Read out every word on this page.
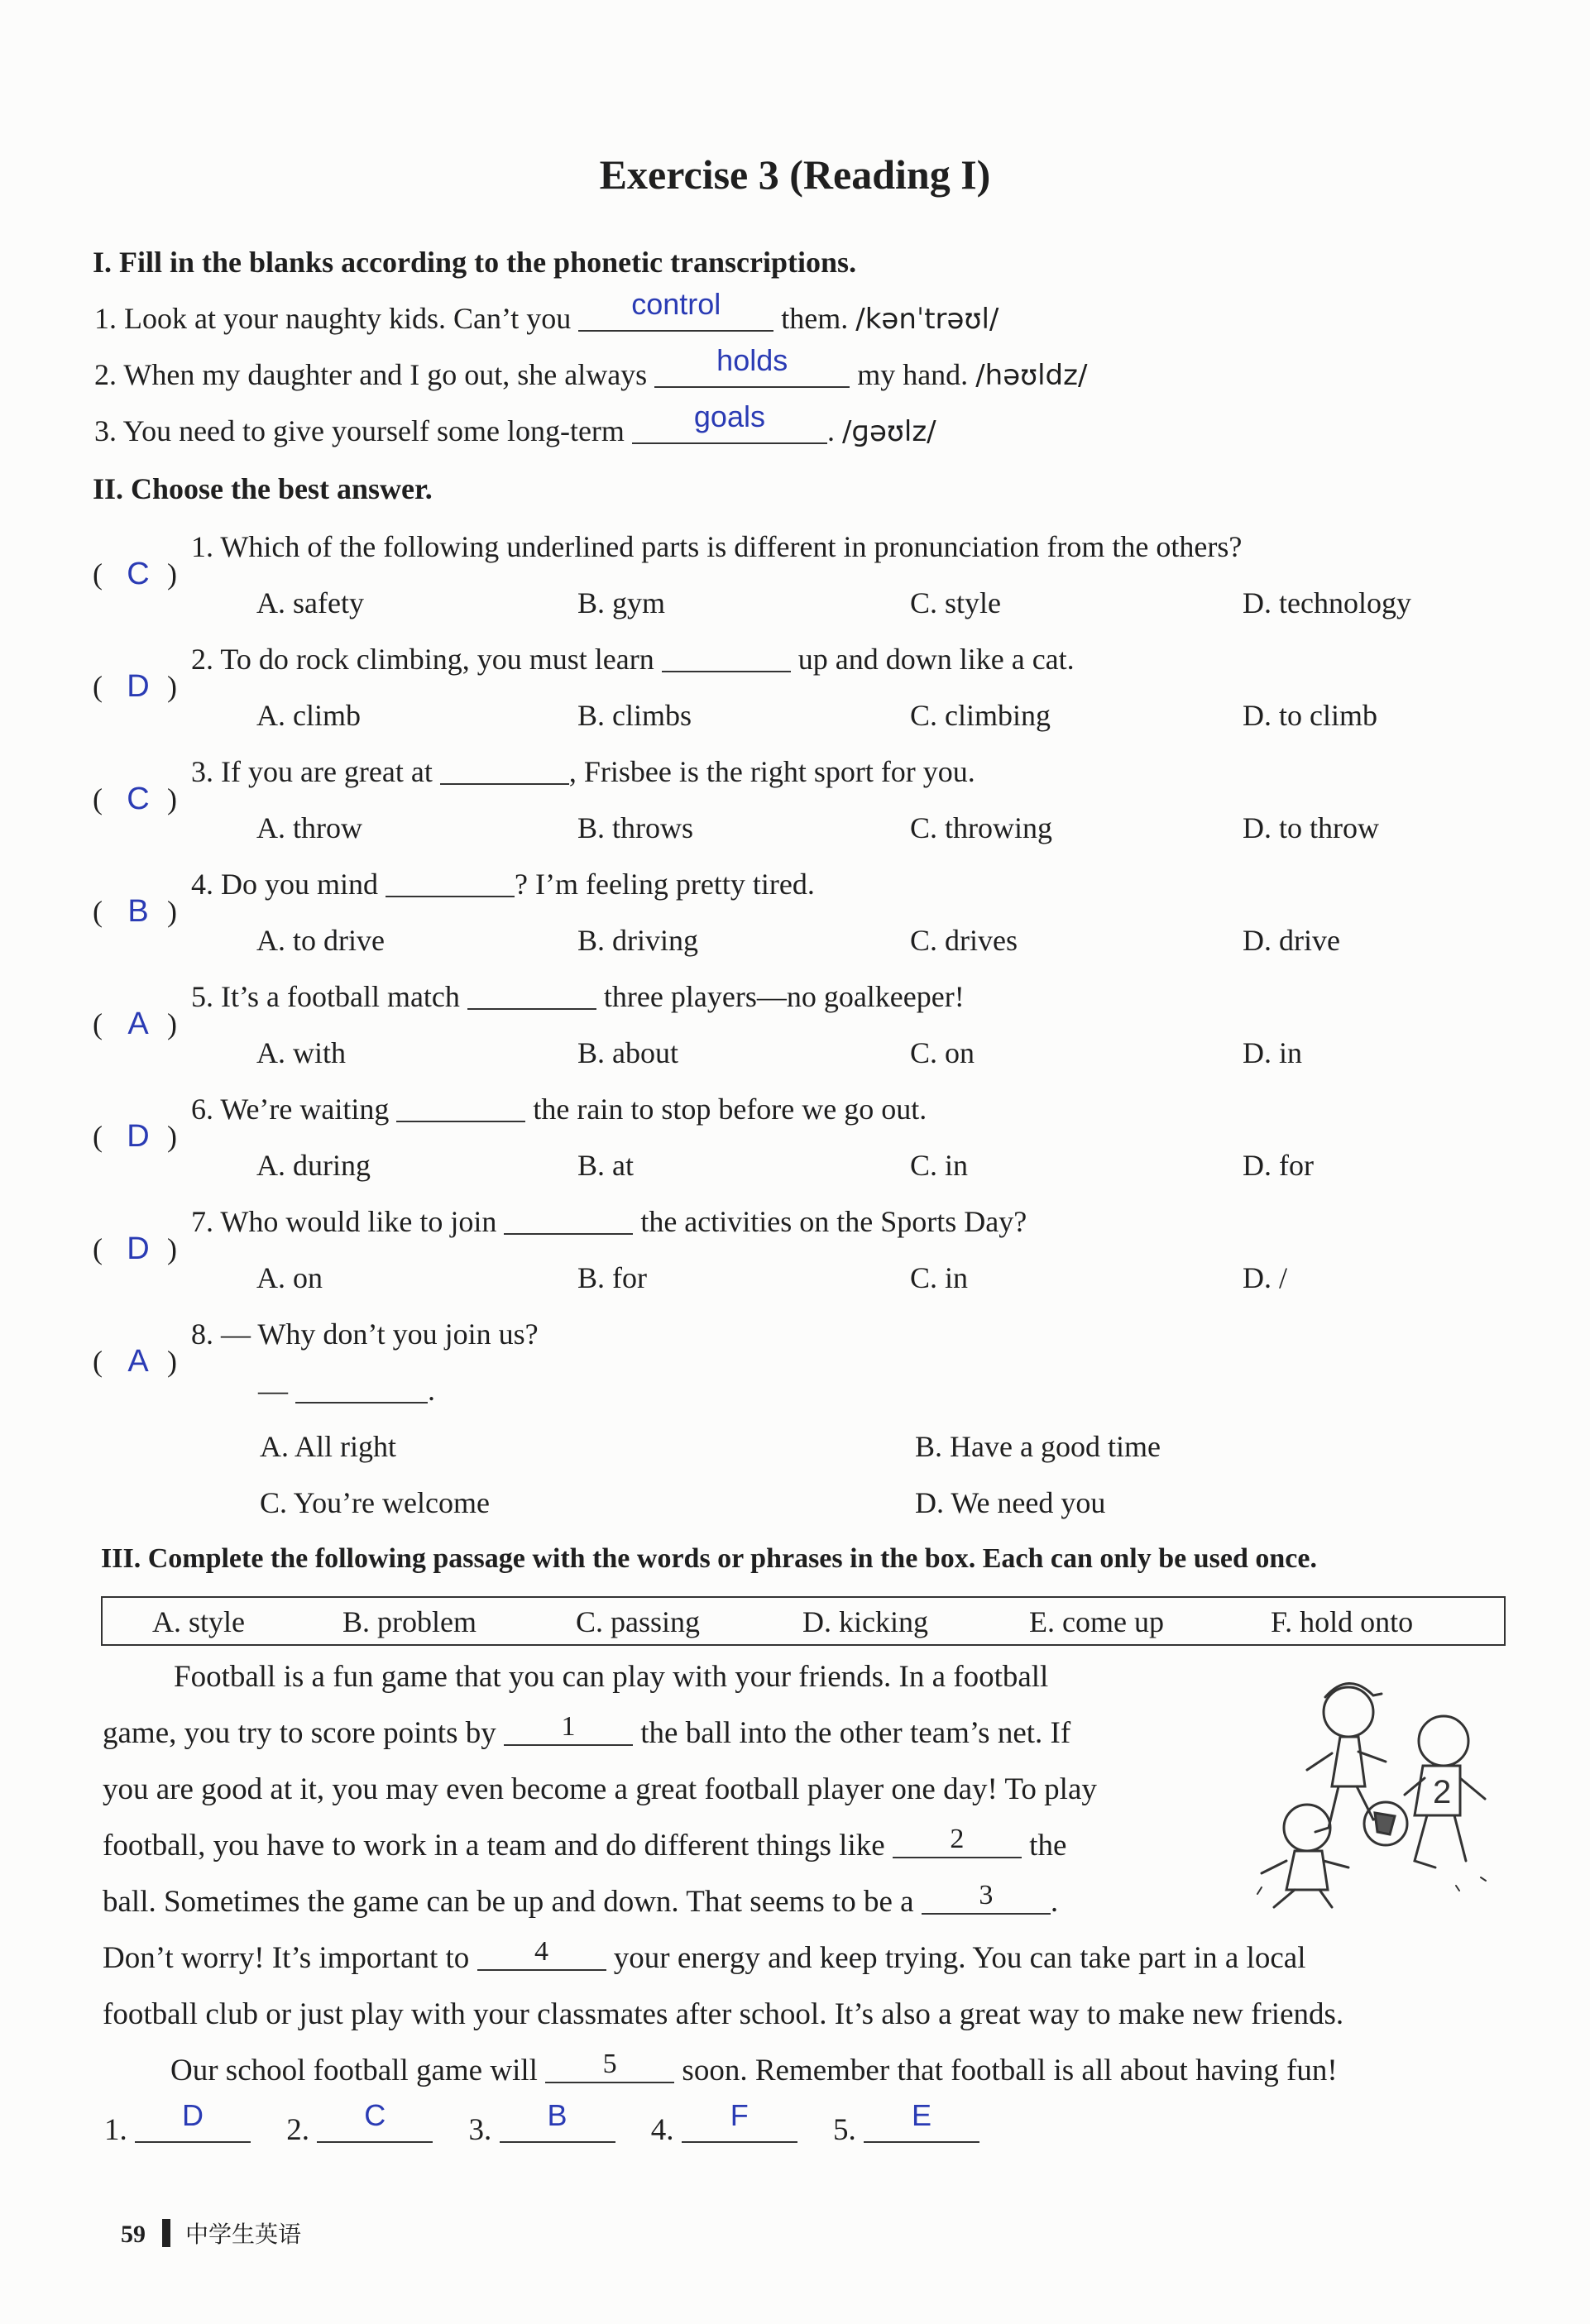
Exercise 3 (Reading I)
I. Fill in the blanks according to the phonetic transcriptions.
1. Look at your naughty kids. Can’t you	control	them. /kənˈtrəʊl/
2. When my daughter and I go out, she always	holds	my hand. /həʊldz/
3. You need to give yourself some long-term	goals	. /ɡəʊlz/
II. Choose the best answer.
( C )
1. Which of the following underlined parts is different in pronunciation from the others?
A. safety	B. gym	C. style	D. technology
( D )
2. To do rock climbing, you must learn	up and down like a cat.
A. climb	B. climbs	C. climbing	D. to climb
( C )
3. If you are great at	, Frisbee is the right sport for you.
A. throw	B. throws	C. throwing	D. to throw
( B )
4. Do you mind	? I’m feeling pretty tired.
A. to drive	B. driving	C. drives	D. drive
( A )
5. It’s a football match	three players—no goalkeeper!
A. with	B. about	C. on	D. in
( D )
6. We’re waiting	the rain to stop before we go out.
A. during	B. at	C. in	D. for
( D )
7. Who would like to join	the activities on the Sports Day?
A. on	B. for	C. in	D. /
( A )
8. — Why don’t you join us?
—	.
A. All right	B. Have a good time
C. You’re welcome	D. We need you
III. Complete the following passage with the words or phrases in the box. Each can only be used once.
A. style	B. problem	C. passing	D. kicking	E. come up	F. hold onto
Football is a fun game that you can play with your friends. In a football
game, you try to score points by	1	the ball into the other team’s net. If
you are good at it, you may even become a great football player one day! To play
football, you have to work in a team and do different things like	2	the
ball. Sometimes the game can be up and down. That seems to be a	3	.
Don’t worry! It’s important to	4	your energy and keep trying. You can take part in a local
football club or just play with your classmates after school. It’s also a great way to make new friends.
Our school football game will	5	soon. Remember that football is all about having fun!
1.	D	2.	C	3.	B	4.	F	5.	E
2
59 中学生英语
